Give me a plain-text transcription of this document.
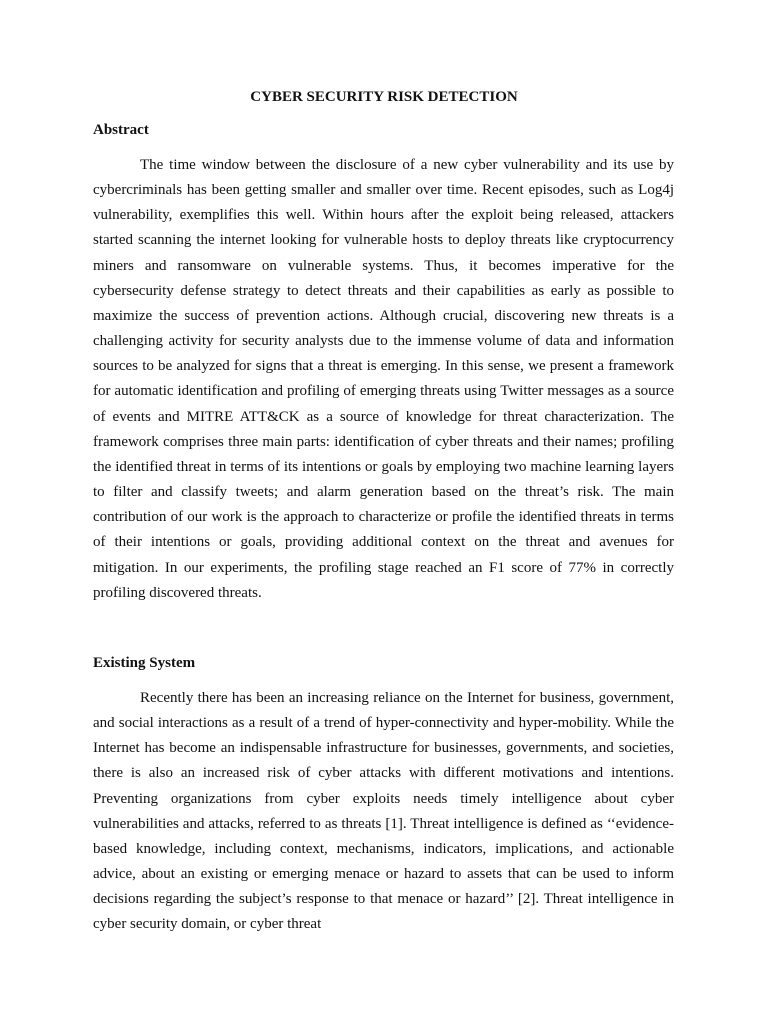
CYBER SECURITY RISK DETECTION
Abstract

The time window between the disclosure of a new cyber vulnerability and its use by cybercriminals has been getting smaller and smaller over time. Recent episodes, such as Log4j vulnerability, exemplifies this well. Within hours after the exploit being released, attackers started scanning the internet looking for vulnerable hosts to deploy threats like cryptocurrency miners and ransomware on vulnerable systems. Thus, it becomes imperative for the cybersecurity defense strategy to detect threats and their capabilities as early as possible to maximize the success of prevention actions. Although crucial, discovering new threats is a challenging activity for security analysts due to the immense volume of data and information sources to be analyzed for signs that a threat is emerging. In this sense, we present a framework for automatic identification and profiling of emerging threats using Twitter messages as a source of events and MITRE ATT&CK as a source of knowledge for threat characterization. The framework comprises three main parts: identification of cyber threats and their names; profiling the identified threat in terms of its intentions or goals by employing two machine learning layers to filter and classify tweets; and alarm generation based on the threat’s risk. The main contribution of our work is the approach to characterize or profile the identified threats in terms of their intentions or goals, providing additional context on the threat and avenues for mitigation. In our experiments, the profiling stage reached an F1 score of 77% in correctly profiling discovered threats.

Existing System

Recently there has been an increasing reliance on the Internet for business, government, and social interactions as a result of a trend of hyper-connectivity and hyper-mobility. While the Internet has become an indispensable infrastructure for businesses, governments, and societies, there is also an increased risk of cyber attacks with different motivations and intentions. Preventing organizations from cyber exploits needs timely intelligence about cyber vulnerabilities and attacks, referred to as threats [1]. Threat intelligence is defined as ‘‘evidence-based knowledge, including context, mechanisms, indicators, implications, and actionable advice, about an existing or emerging menace or hazard to assets that can be used to inform decisions regarding the subject’s response to that menace or hazard’’ [2]. Threat intelligence in cyber security domain, or cyber threat
